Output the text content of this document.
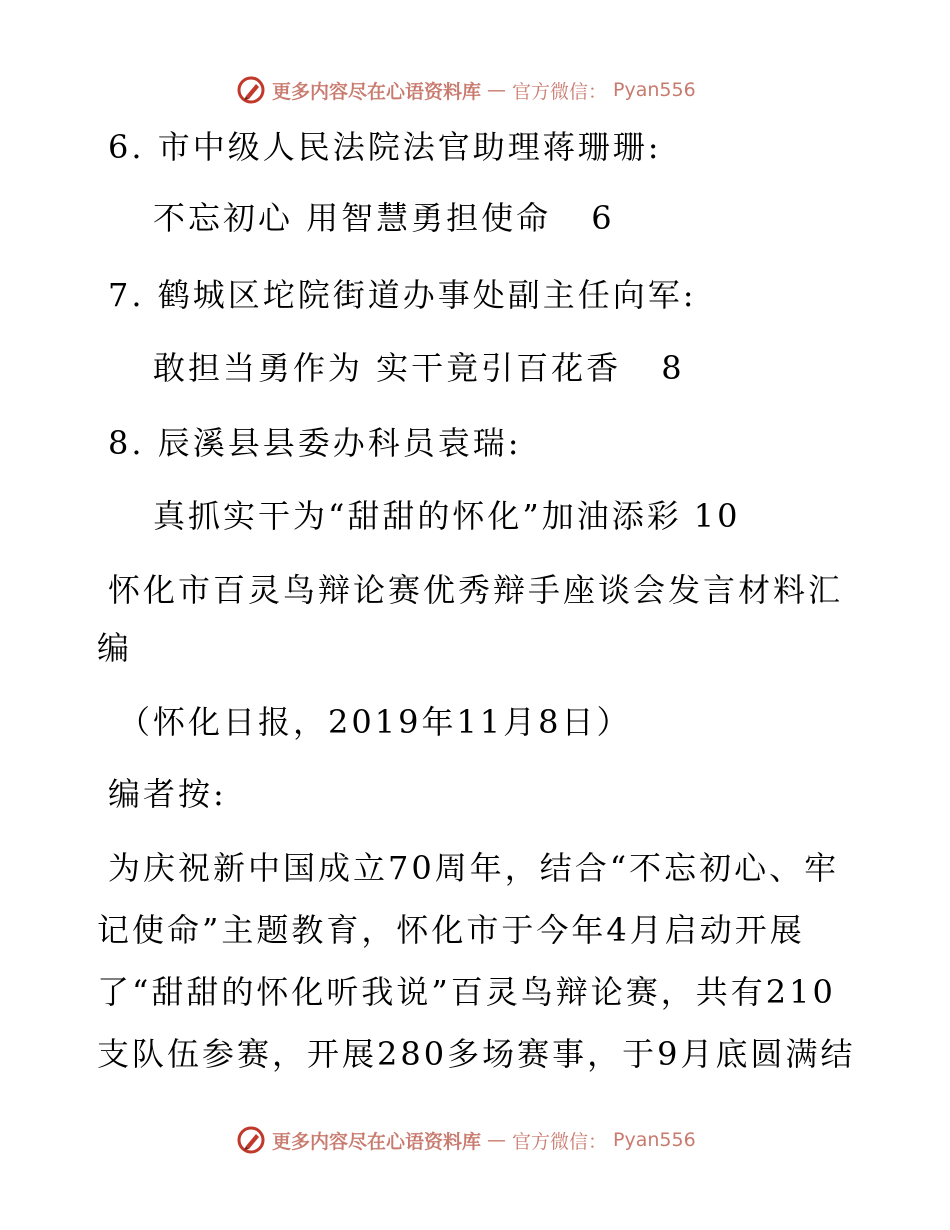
更多内容尽在心语资料库 — 官方微信： Pyan556
6. 市中级人民法院法官助理蒋珊珊:
不忘初心 用智慧勇担使命 6
7. 鹤城区坨院街道办事处副主任向军:
敢担当勇作为 实干竟引百花香 8
8. 辰溪县县委办科员袁瑞:
真抓实干为“甜甜的怀化”加油添彩 10
怀化市百灵鸟辩论赛优秀辩手座谈会发言材料汇
编
（怀化日报，2019年11月8日）
编者按:
为庆祝新中国成立70周年，结合“不忘初心、牢
记使命”主题教育，怀化市于今年4月启动开展
了“甜甜的怀化听我说”百灵鸟辩论赛，共有210
支队伍参赛，开展280多场赛事，于9月底圆满结
更多内容尽在心语资料库 — 官方微信： Pyan556
